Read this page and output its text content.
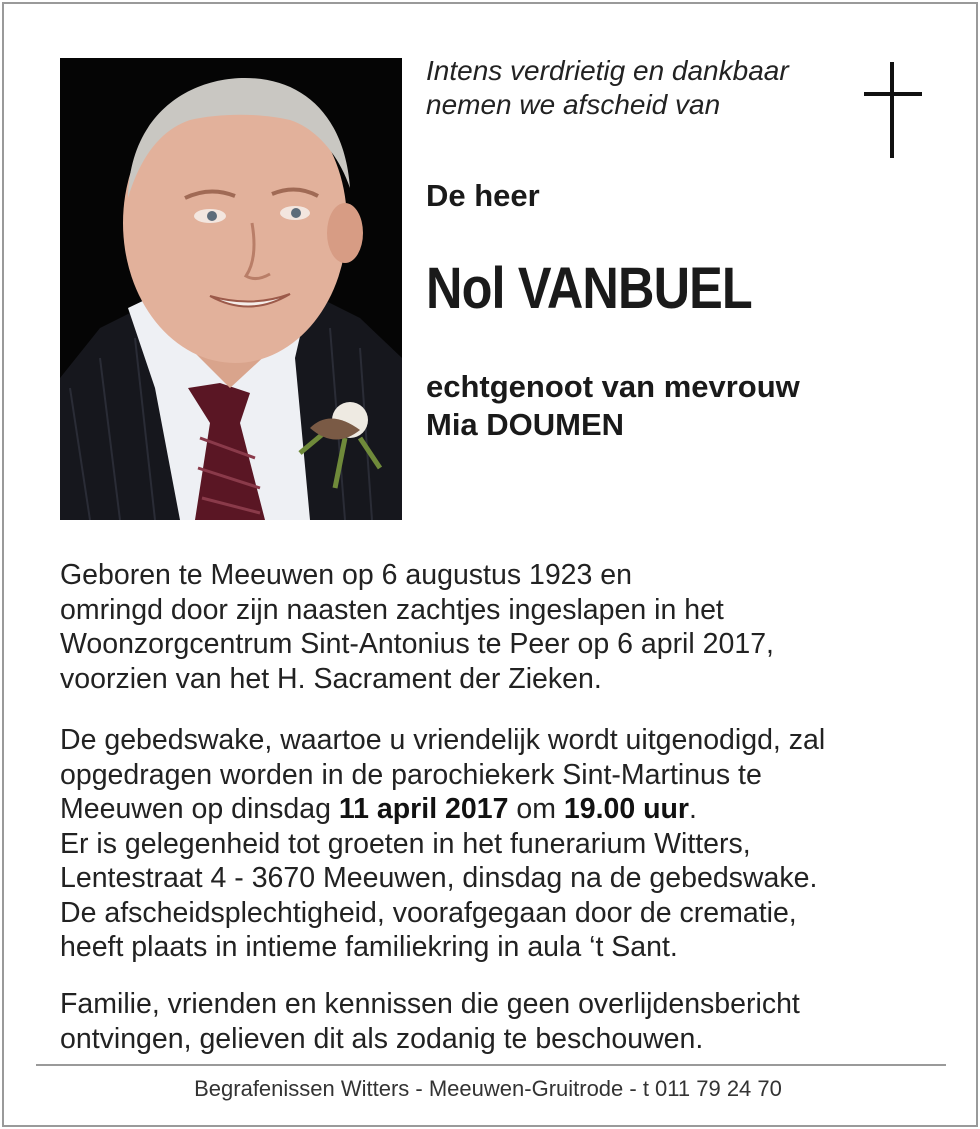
Intens verdrietig en dankbaar
nemen we afscheid van
De heer
Nol VANBUEL
echtgenoot van mevrouw
Mia DOUMEN
Geboren te Meeuwen op 6 augustus 1923 en
omringd door zijn naasten zachtjes ingeslapen in het
Woonzorgcentrum Sint-Antonius te Peer op 6 april 2017,
voorzien van het H. Sacrament der Zieken.
De gebedswake, waartoe u vriendelijk wordt uitgenodigd, zal
opgedragen worden in de parochiekerk Sint-Martinus te
Meeuwen op dinsdag 11 april 2017 om 19.00 uur.
Er is gelegenheid tot groeten in het funerarium Witters,
Lentestraat 4 - 3670 Meeuwen, dinsdag na de gebedswake.
De afscheidsplechtigheid, voorafgegaan door de crematie,
heeft plaats in intieme familiekring in aula ‘t Sant.
Familie, vrienden en kennissen die geen overlijdensbericht
ontvingen, gelieven dit als zodanig te beschouwen.
Begrafenissen Witters - Meeuwen-Gruitrode - t 011 79 24 70
